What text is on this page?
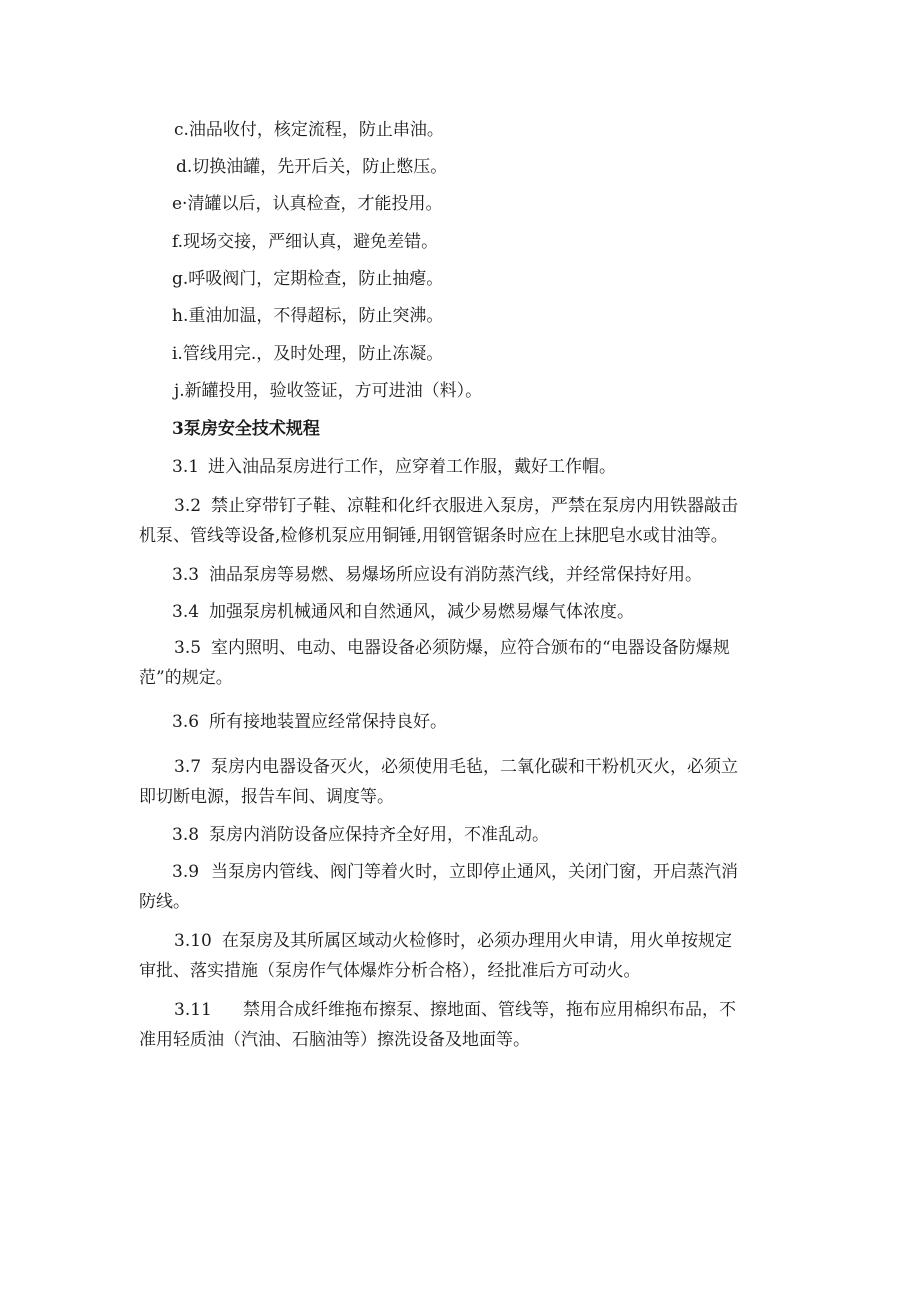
c.油品收付，核定流程，防止串油。
d.切换油罐，先开后关，防止憋压。
e·清罐以后，认真检查，才能投用。
f.现场交接，严细认真，避免差错。
g.呼吸阀门，定期检查，防止抽瘪。
h.重油加温，不得超标，防止突沸。
i.管线用完.，及时处理，防止冻凝。
j.新罐投用，验收签证，方可进油（料）。
3泵房安全技术规程
3.1 进入油品泵房进行工作，应穿着工作服，戴好工作帽。
3.2 禁止穿带钉子鞋、凉鞋和化纤衣服进入泵房，严禁在泵房内用铁器敲击
机泵、管线等设备,检修机泵应用铜锤,用钢管锯条时应在上抹肥皂水或甘油等。
3.3 油品泵房等易燃、易爆场所应设有消防蒸汽线，并经常保持好用。
3.4 加强泵房机械通风和自然通风，减少易燃易爆气体浓度。
3.5 室内照明、电动、电器设备必须防爆，应符合颁布的“电器设备防爆规
范”的规定。
3.6 所有接地装置应经常保持良好。
3.7 泵房内电器设备灭火，必须使用毛毡，二氧化碳和干粉机灭火，必须立
即切断电源，报告车间、调度等。
3.8 泵房内消防设备应保持齐全好用，不准乱动。
3.9 当泵房内管线、阀门等着火时，立即停止通风，关闭门窗，开启蒸汽消
防线。
3.10 在泵房及其所属区域动火检修时，必须办理用火申请，用火单按规定
审批、落实措施（泵房作气体爆炸分析合格），经批准后方可动火。
3.11 禁用合成纤维拖布擦泵、擦地面、管线等，拖布应用棉织布品，不
准用轻质油（汽油、石脑油等）擦洗设备及地面等。
